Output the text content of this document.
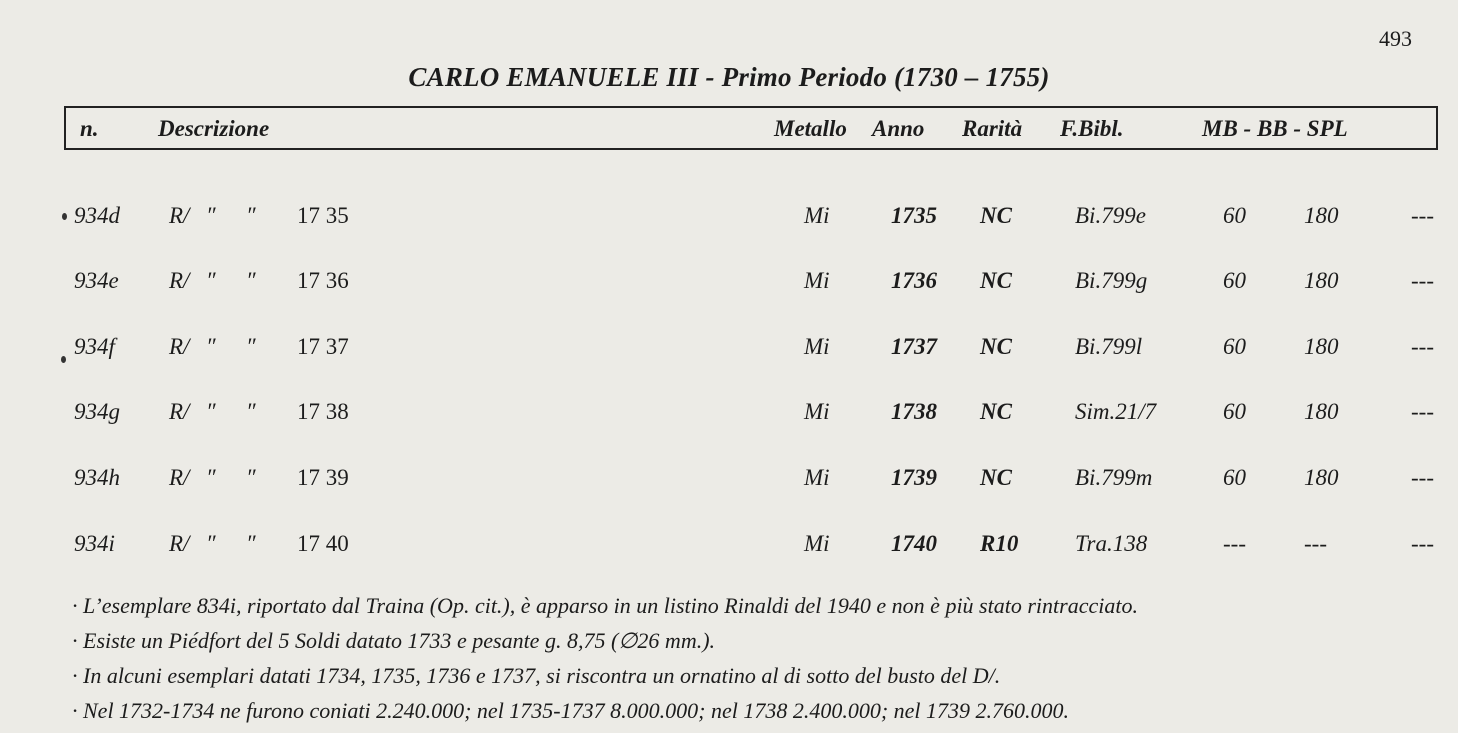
493
CARLO EMANUELE III - Primo Periodo (1730 – 1755)
n.	Descrizione	Metallo Anno Rarità F.Bibl.	MB - BB - SPL
934d R/ ″ ″ 17 35	Mi	1735 NC	Bi.799e	60	180	---
934e R/ ″ ″ 17 36	Mi	1736 NC	Bi.799g	60	180	---
934f R/ ″ ″ 17 37	Mi	1737 NC	Bi.799l	60	180	---
934g R/ ″ ″ 17 38	Mi	1738 NC	Sim.21/7	60	180	---
934h R/ ″ ″ 17 39	Mi	1739 NC	Bi.799m	60	180	---
934i R/ ″ ″ 17 40	Mi	1740 R10 Tra.138	---	---	---
· L’esemplare 834i, riportato dal Traina (Op. cit.), è apparso in un listino Rinaldi del 1940 e non è più stato rintracciato.
· Esiste un Piédfort del 5 Soldi datato 1733 e pesante g. 8,75 (∅26 mm.).
· In alcuni esemplari datati 1734, 1735, 1736 e 1737, si riscontra un ornatino al di sotto del busto del D/.
· Nel 1732-1734 ne furono coniati 2.240.000; nel 1735-1737 8.000.000; nel 1738 2.400.000; nel 1739 2.760.000.
